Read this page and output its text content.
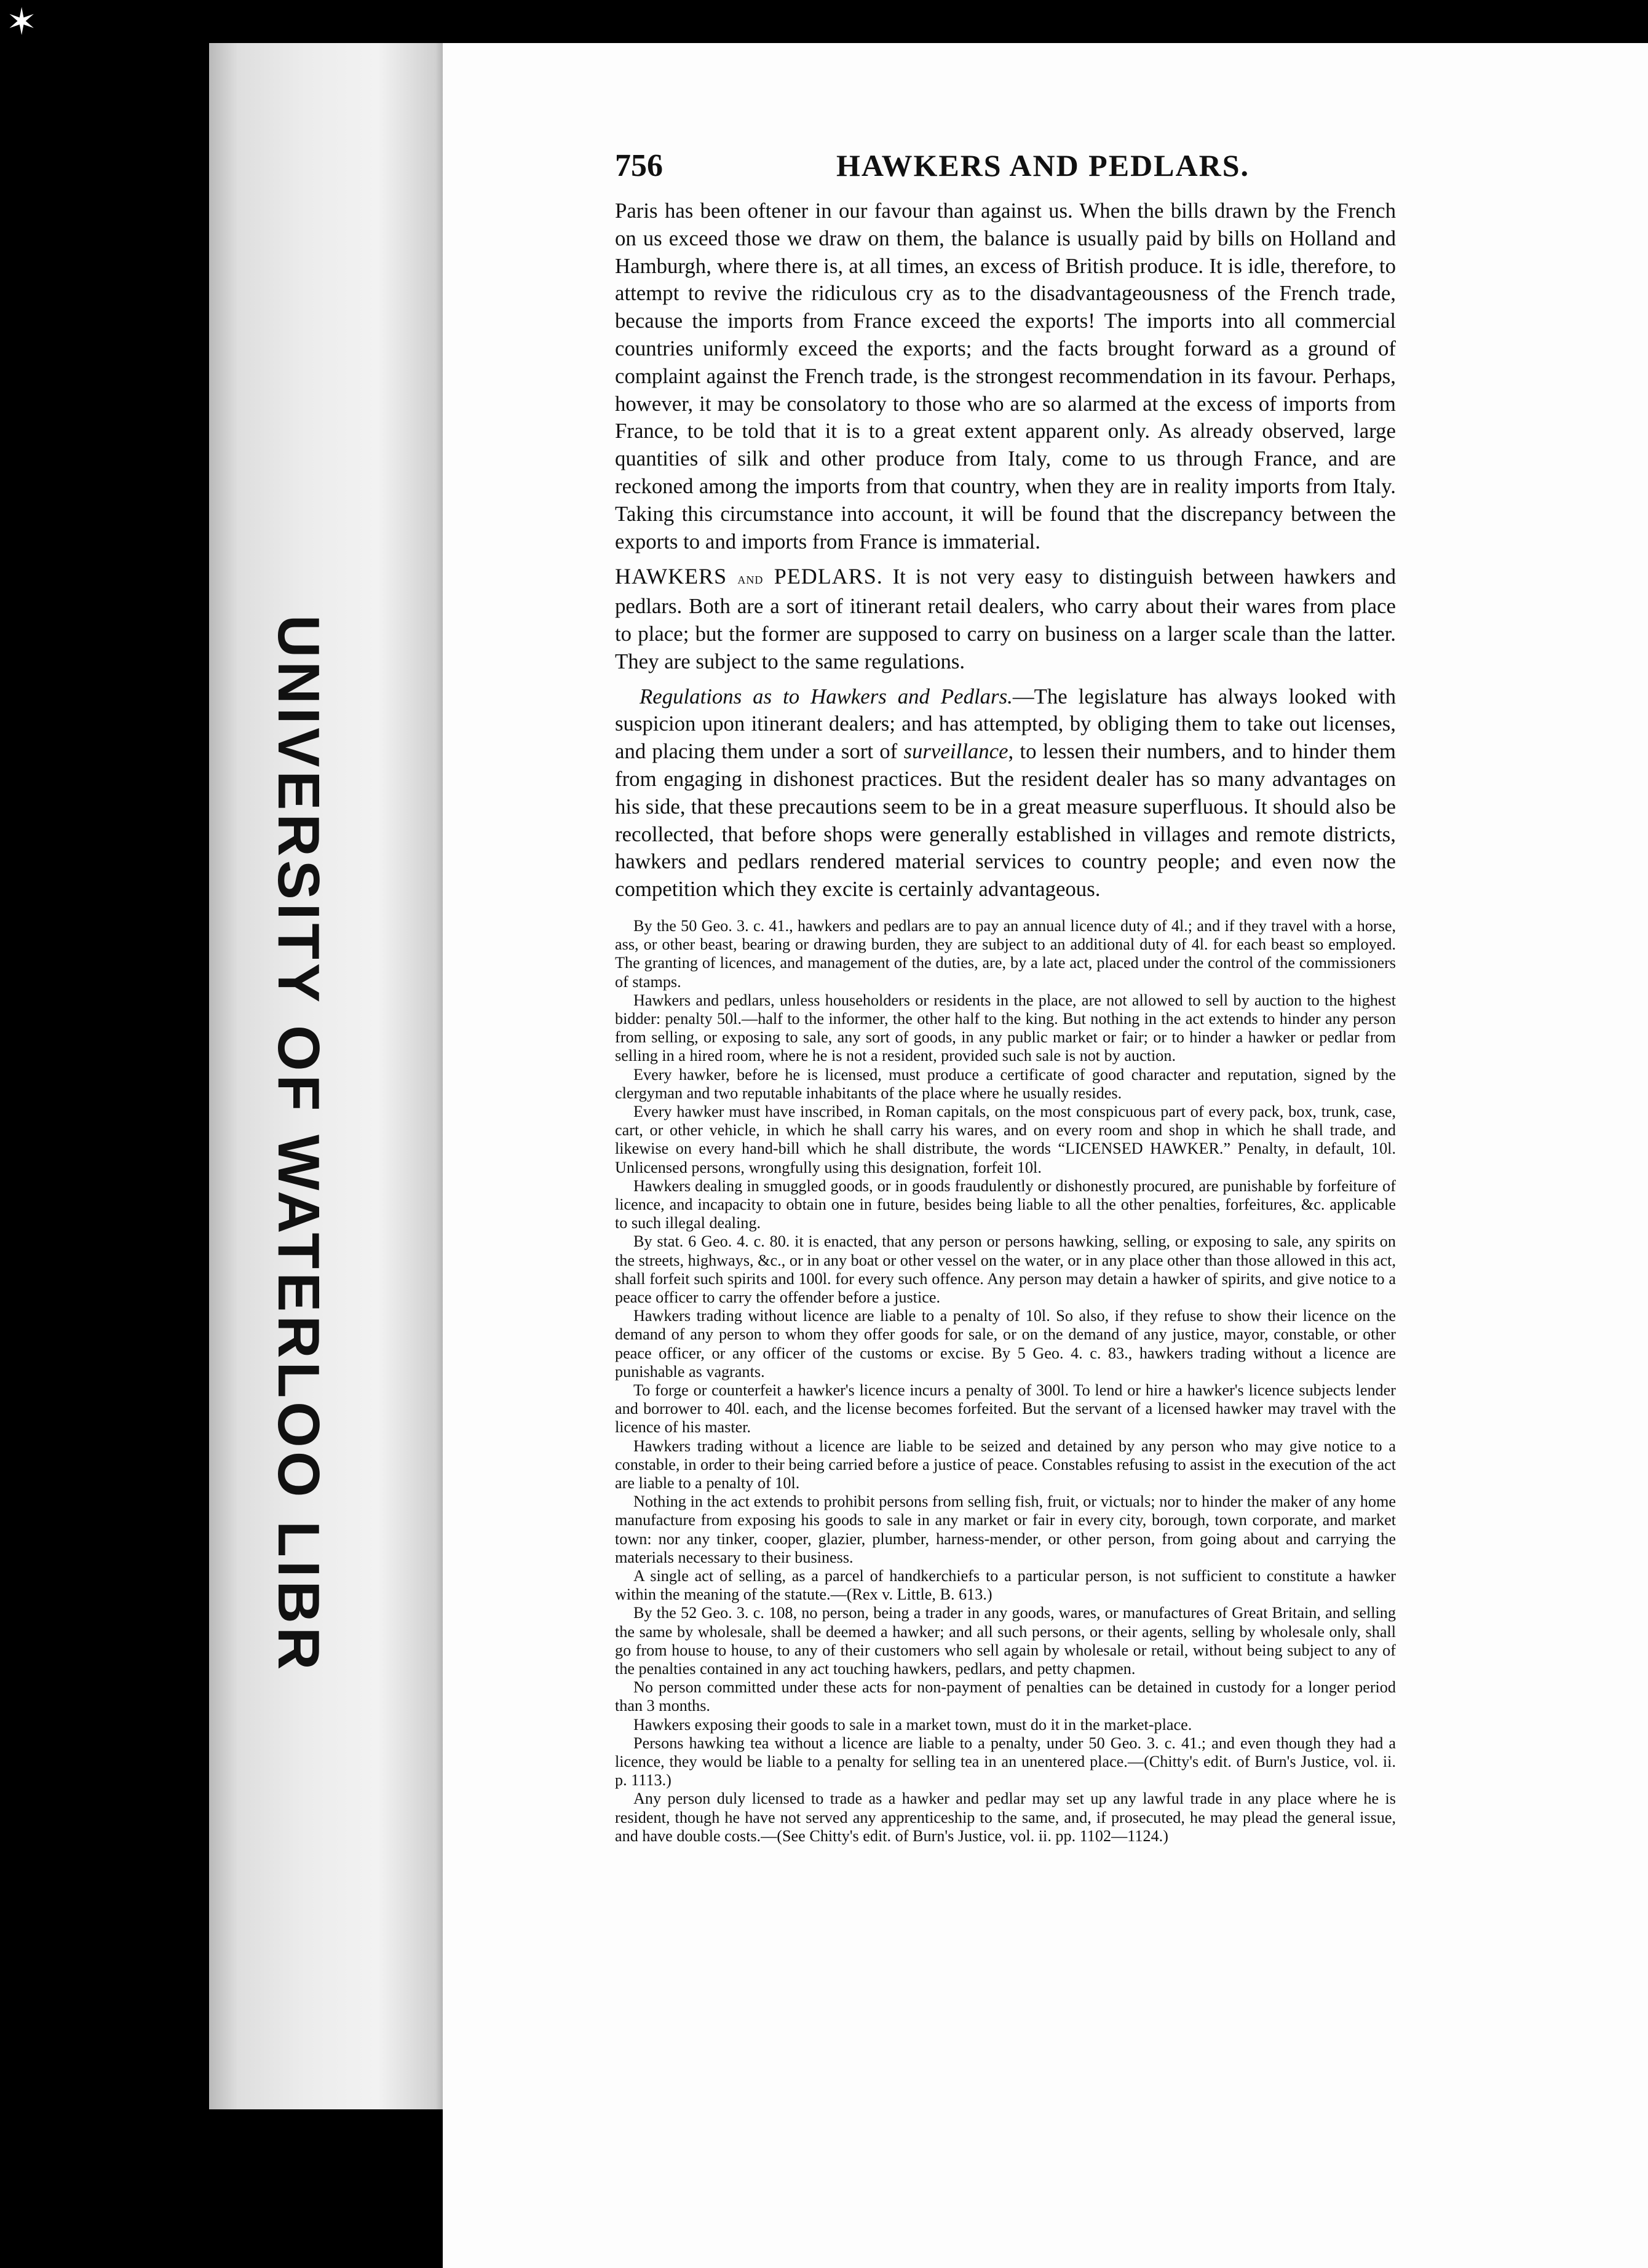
✶
UNIVERSITY OF WATERLOO LIBR
756	HAWKERS AND PEDLARS.

Paris has been oftener in our favour than against us. When the bills drawn by the French on us exceed those we draw on them, the balance is usually paid by bills on Holland and Hamburgh, where there is, at all times, an excess of British produce. It is idle, therefore, to attempt to revive the ridiculous cry as to the disadvantageousness of the French trade, because the imports from France exceed the exports! The imports into all commercial countries uniformly exceed the exports; and the facts brought forward as a ground of complaint against the French trade, is the strongest recommendation in its favour. Perhaps, however, it may be consolatory to those who are so alarmed at the excess of imports from France, to be told that it is to a great extent apparent only. As already observed, large quantities of silk and other produce from Italy, come to us through France, and are reckoned among the imports from that country, when they are in reality imports from Italy. Taking this circumstance into account, it will be found that the discrepancy between the exports to and imports from France is immaterial.

HAWKERS and PEDLARS. It is not very easy to distinguish between hawkers and pedlars. Both are a sort of itinerant retail dealers, who carry about their wares from place to place; but the former are supposed to carry on business on a larger scale than the latter. They are subject to the same regulations.

Regulations as to Hawkers and Pedlars.—The legislature has always looked with suspicion upon itinerant dealers; and has attempted, by obliging them to take out licenses, and placing them under a sort of surveillance, to lessen their numbers, and to hinder them from engaging in dishonest practices. But the resident dealer has so many advantages on his side, that these precautions seem to be in a great measure superfluous. It should also be recollected, that before shops were generally established in villages and remote districts, hawkers and pedlars rendered material services to country people; and even now the competition which they excite is certainly advantageous.

By the 50 Geo. 3. c. 41., hawkers and pedlars are to pay an annual licence duty of 4l.; and if they travel with a horse, ass, or other beast, bearing or drawing burden, they are subject to an additional duty of 4l. for each beast so employed. The granting of licences, and management of the duties, are, by a late act, placed under the control of the commissioners of stamps.

Hawkers and pedlars, unless householders or residents in the place, are not allowed to sell by auction to the highest bidder: penalty 50l.—half to the informer, the other half to the king. But nothing in the act extends to hinder any person from selling, or exposing to sale, any sort of goods, in any public market or fair; or to hinder a hawker or pedlar from selling in a hired room, where he is not a resident, provided such sale is not by auction.

Every hawker, before he is licensed, must produce a certificate of good character and reputation, signed by the clergyman and two reputable inhabitants of the place where he usually resides.

Every hawker must have inscribed, in Roman capitals, on the most conspicuous part of every pack, box, trunk, case, cart, or other vehicle, in which he shall carry his wares, and on every room and shop in which he shall trade, and likewise on every hand-bill which he shall distribute, the words “LICENSED HAWKER.” Penalty, in default, 10l. Unlicensed persons, wrongfully using this designation, forfeit 10l.

Hawkers dealing in smuggled goods, or in goods fraudulently or dishonestly procured, are punishable by forfeiture of licence, and incapacity to obtain one in future, besides being liable to all the other penalties, forfeitures, &c. applicable to such illegal dealing.

By stat. 6 Geo. 4. c. 80. it is enacted, that any person or persons hawking, selling, or exposing to sale, any spirits on the streets, highways, &c., or in any boat or other vessel on the water, or in any place other than those allowed in this act, shall forfeit such spirits and 100l. for every such offence. Any person may detain a hawker of spirits, and give notice to a peace officer to carry the offender before a justice.

Hawkers trading without licence are liable to a penalty of 10l. So also, if they refuse to show their licence on the demand of any person to whom they offer goods for sale, or on the demand of any justice, mayor, constable, or other peace officer, or any officer of the customs or excise. By 5 Geo. 4. c. 83., hawkers trading without a licence are punishable as vagrants.

To forge or counterfeit a hawker's licence incurs a penalty of 300l. To lend or hire a hawker's licence subjects lender and borrower to 40l. each, and the license becomes forfeited. But the servant of a licensed hawker may travel with the licence of his master.

Hawkers trading without a licence are liable to be seized and detained by any person who may give notice to a constable, in order to their being carried before a justice of peace. Constables refusing to assist in the execution of the act are liable to a penalty of 10l.

Nothing in the act extends to prohibit persons from selling fish, fruit, or victuals; nor to hinder the maker of any home manufacture from exposing his goods to sale in any market or fair in every city, borough, town corporate, and market town: nor any tinker, cooper, glazier, plumber, harness-mender, or other person, from going about and carrying the materials necessary to their business.

A single act of selling, as a parcel of handkerchiefs to a particular person, is not sufficient to constitute a hawker within the meaning of the statute.—(Rex v. Little, B. 613.)

By the 52 Geo. 3. c. 108, no person, being a trader in any goods, wares, or manufactures of Great Britain, and selling the same by wholesale, shall be deemed a hawker; and all such persons, or their agents, selling by wholesale only, shall go from house to house, to any of their customers who sell again by wholesale or retail, without being subject to any of the penalties contained in any act touching hawkers, pedlars, and petty chapmen.

No person committed under these acts for non-payment of penalties can be detained in custody for a longer period than 3 months.

Hawkers exposing their goods to sale in a market town, must do it in the market-place.

Persons hawking tea without a licence are liable to a penalty, under 50 Geo. 3. c. 41.; and even though they had a licence, they would be liable to a penalty for selling tea in an unentered place.—(Chitty's edit. of Burn's Justice, vol. ii. p. 1113.)

Any person duly licensed to trade as a hawker and pedlar may set up any lawful trade in any place where he is resident, though he have not served any apprenticeship to the same, and, if prosecuted, he may plead the general issue, and have double costs.—(See Chitty's edit. of Burn's Justice, vol. ii. pp. 1102—1124.)
